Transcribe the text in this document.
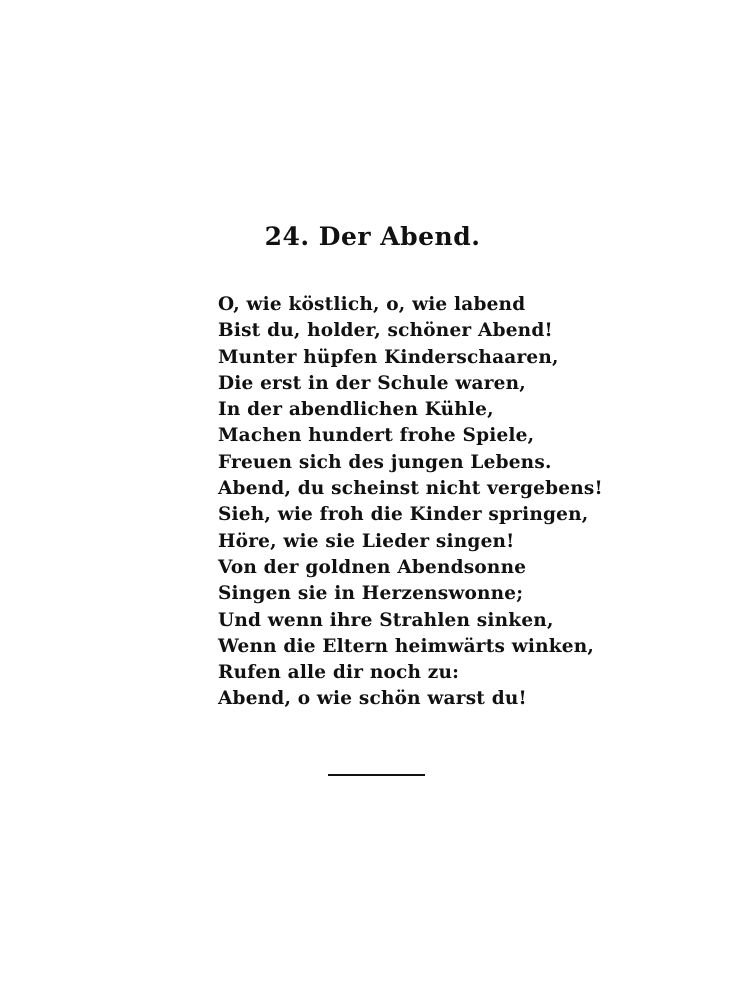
24. Der Abend.
O, wie köstlich, o, wie labend
Bist du, holder, schöner Abend!
Munter hüpfen Kinderschaaren,
Die erst in der Schule waren,
In der abendlichen Kühle,
Machen hundert frohe Spiele,
Freuen sich des jungen Lebens.
Abend, du scheinst nicht vergebens!
Sieh, wie froh die Kinder springen,
Höre, wie sie Lieder singen!
Von der goldnen Abendsonne
Singen sie in Herzenswonne;
Und wenn ihre Strahlen sinken,
Wenn die Eltern heimwärts winken,
Rufen alle dir noch zu:
Abend, o wie schön warst du!
